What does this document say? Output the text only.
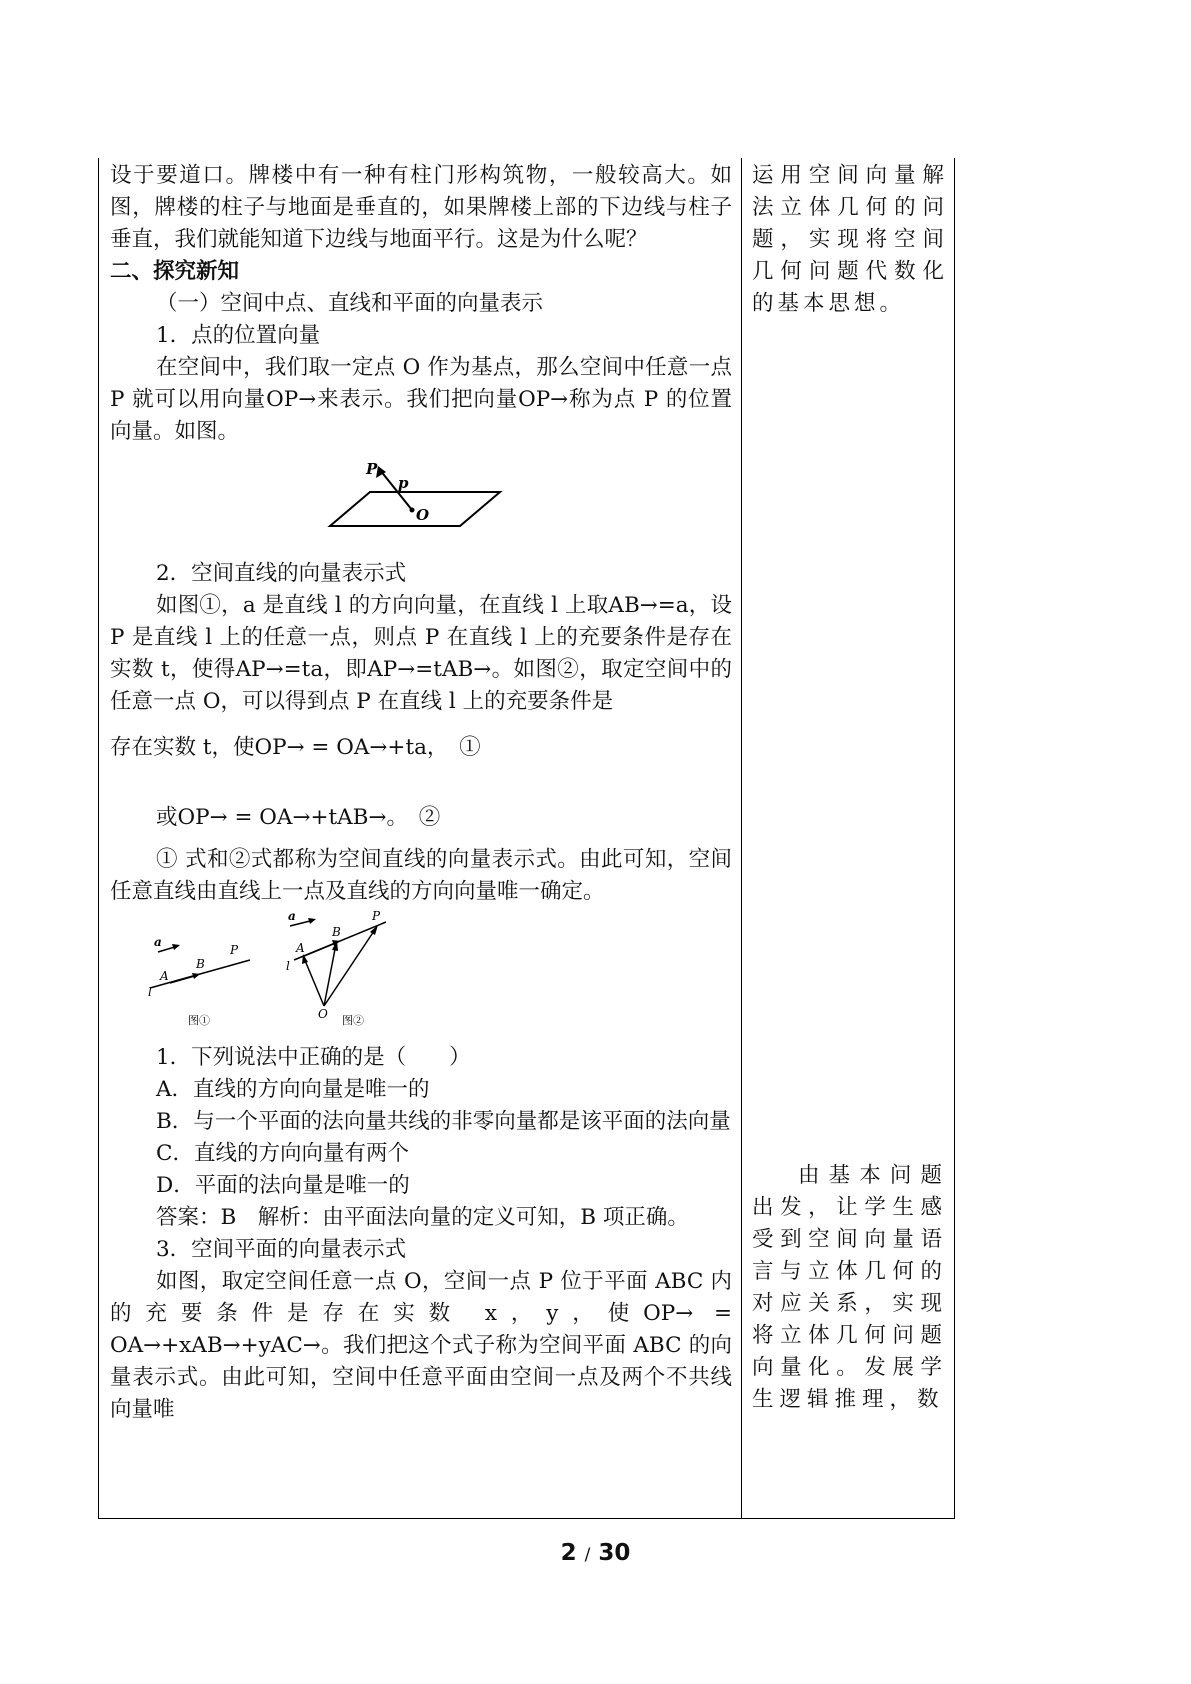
设于要道口。牌楼中有一种有柱门形构筑物，一般较高大。如图，牌楼的柱子与地面是垂直的，如果牌楼上部的下边线与柱子垂直，我们就能知道下边线与地面平行。这是为什么呢？

二、探究新知

（一）空间中点、直线和平面的向量表示

1．点的位置向量

在空间中，我们取一定点 O 作为基点，那么空间中任意一点 P 就可以用向量OP→来表示。我们把向量OP→称为点 P 的位置向量。如图。

P
p
O

2．空间直线的向量表示式

如图①，a 是直线 l 的方向向量，在直线 l 上取AB→=a，设 P 是直线 l 上的任意一点，则点 P 在直线 l 上的充要条件是存在实数 t，使得AP→=ta，即AP→=tAB→。如图②，取定空间中的任意一点 O，可以得到点 P 在直线 l 上的充要条件是

存在实数 t，使OP→ = OA→+ta，　①

或OP→ = OA→+tAB→。　②

① 式和②式都称为空间直线的向量表示式。由此可知，空间任意直线由直线上一点及直线的方向向量唯一确定。

a
B
P
A
l
图①
a
B
P
A
l
O 图②

1．下列说法中正确的是（　　）

A．直线的方向向量是唯一的

B．与一个平面的法向量共线的非零向量都是该平面的法向量

C．直线的方向向量有两个

D．平面的法向量是唯一的

答案：B　解析：由平面法向量的定义可知，B 项正确。

3．空间平面的向量表示式

如图，取定空间任意一点 O，空间一点 P 位于平面 ABC 内的充要条件是存在实数 x，y，使OP→ = OA→+xAB→+yAC→。我们把这个式子称为空间平面 ABC 的向量表示式。由此可知，空间中任意平面由空间一点及两个不共线向量唯

运用空间向量解法立体几何的问题，实现将空间几何问题代数化的基本思想。

由基本问题出发，让学生感受到空间向量语言与立体几何的对应关系，实现将立体几何问题向量化。发展学生逻辑推理，数

2 / 30
